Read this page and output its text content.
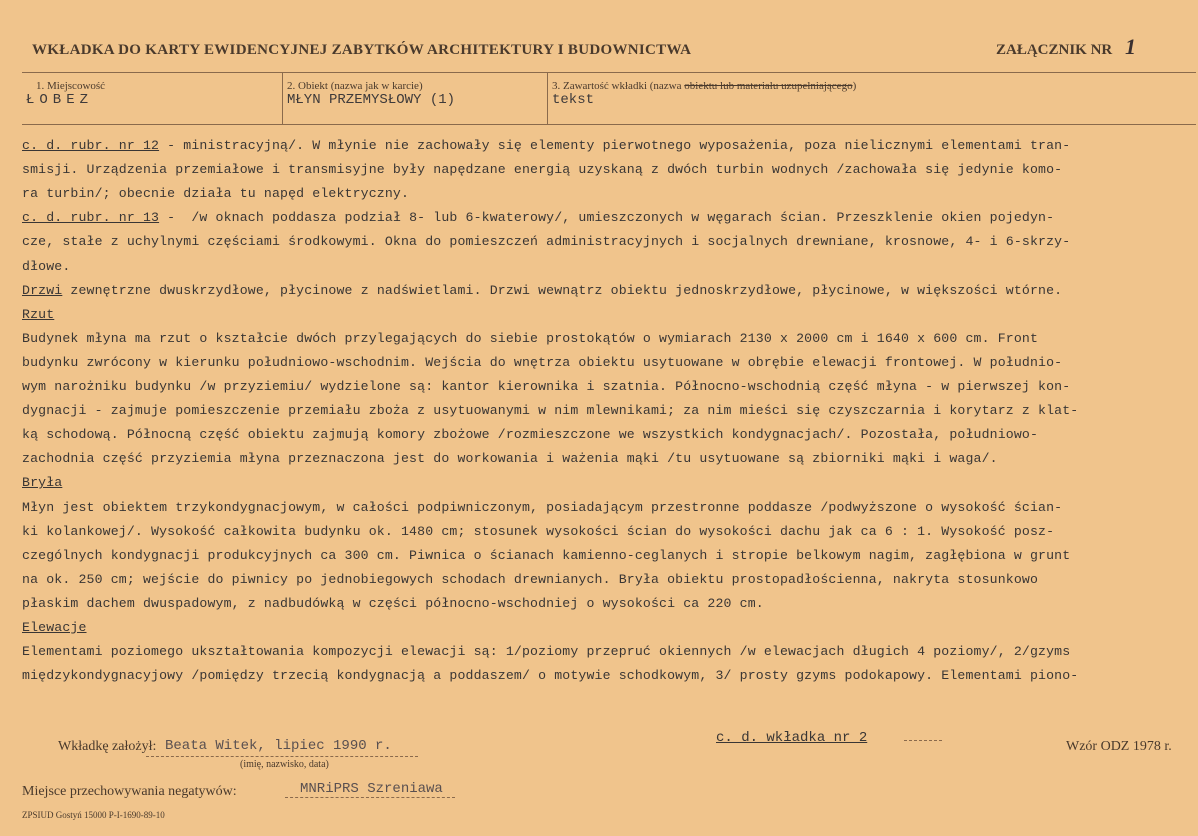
WKŁADKA DO KARTY EWIDENCYJNEJ ZABYTKÓW ARCHITEKTURY I BUDOWNICTWA	ZAŁĄCZNIK NR 1
1. Miejscowość
ŁOBEZ
2. Obiekt (nazwa jak w karcie)
MŁYN PRZEMYSŁOWY (1)
3. Zawartość wkładki (nazwa obiektu lub materiału uzupełniającego)
tekst
c. d. rubr. nr 12 - ministracyjną/. W młynie nie zachowały się elementy pierwotnego wyposażenia, poza nielicznymi elementami tran-
smisji. Urządzenia przemiałowe i transmisyjne były napędzane energią uzyskaną z dwóch turbin wodnych /zachowała się jedynie komo-
ra turbin/; obecnie działa tu napęd elektryczny.
c. d. rubr. nr 13 -  /w oknach poddasza podział 8- lub 6-kwaterowy/, umieszczonych w węgarach ścian. Przeszklenie okien pojedyn-
cze, stałe z uchylnymi częściami środkowymi. Okna do pomieszczeń administracyjnych i socjalnych drewniane, krosnowe, 4- i 6-skrzy-
dłowe.
Drzwi zewnętrzne dwuskrzydłowe, płycinowe z nadświetlami. Drzwi wewnątrz obiektu jednoskrzydłowe, płycinowe, w większości wtórne.
Rzut
Budynek młyna ma rzut o kształcie dwóch przylegających do siebie prostokątów o wymiarach 2130 x 2000 cm i 1640 x 600 cm. Front
budynku zwrócony w kierunku południowo-wschodnim. Wejścia do wnętrza obiektu usytuowane w obrębie elewacji frontowej. W południo-
wym narożniku budynku /w przyziemiu/ wydzielone są: kantor kierownika i szatnia. Północno-wschodnią część młyna - w pierwszej kon-
dygnacji - zajmuje pomieszczenie przemiału zboża z usytuowanymi w nim mlewnikami; za nim mieści się czyszczarnia i korytarz z klat-
ką schodową. Północną część obiektu zajmują komory zbożowe /rozmieszczone we wszystkich kondygnacjach/. Pozostała, południowo-
zachodnia część przyziemia młyna przeznaczona jest do workowania i ważenia mąki /tu usytuowane są zbiorniki mąki i waga/.
Bryła
Młyn jest obiektem trzykondygnacjowym, w całości podpiwniczonym, posiadającym przestronne poddasze /podwyższone o wysokość ścian-
ki kolankowej/. Wysokość całkowita budynku ok. 1480 cm; stosunek wysokości ścian do wysokości dachu jak ca 6 : 1. Wysokość posz-
czególnych kondygnacji produkcyjnych ca 300 cm. Piwnica o ścianach kamienno-ceglanych i stropie belkowym nagim, zagłębiona w grunt
na ok. 250 cm; wejście do piwnicy po jednobiegowych schodach drewnianych. Bryła obiektu prostopadłościenna, nakryta stosunkowo
płaskim dachem dwuspadowym, z nadbudówką w części północno-wschodniej o wysokości ca 220 cm.
Elewacje
Elementami poziomego ukształtowania kompozycji elewacji są: 1/poziomy przepruć okiennych /w elewacjach długich 4 poziomy/, 2/gzyms
międzykondygnacyjowy /pomiędzy trzecią kondygnacją a poddaszem/ o motywie schodkowym, 3/ prosty gzyms podokapowy. Elementami piono-
Wkładkę założył: Beata Witek, lipiec 1990 r.
(imię, nazwisko, data)
c. d. wkładka nr 2
Wzór ODZ 1978 r.
Miejsce przechowywania negatywów:	MNRiPRS Szreniawa
ZPSIUD Gostyń 15000 P-I-1690-89-10
